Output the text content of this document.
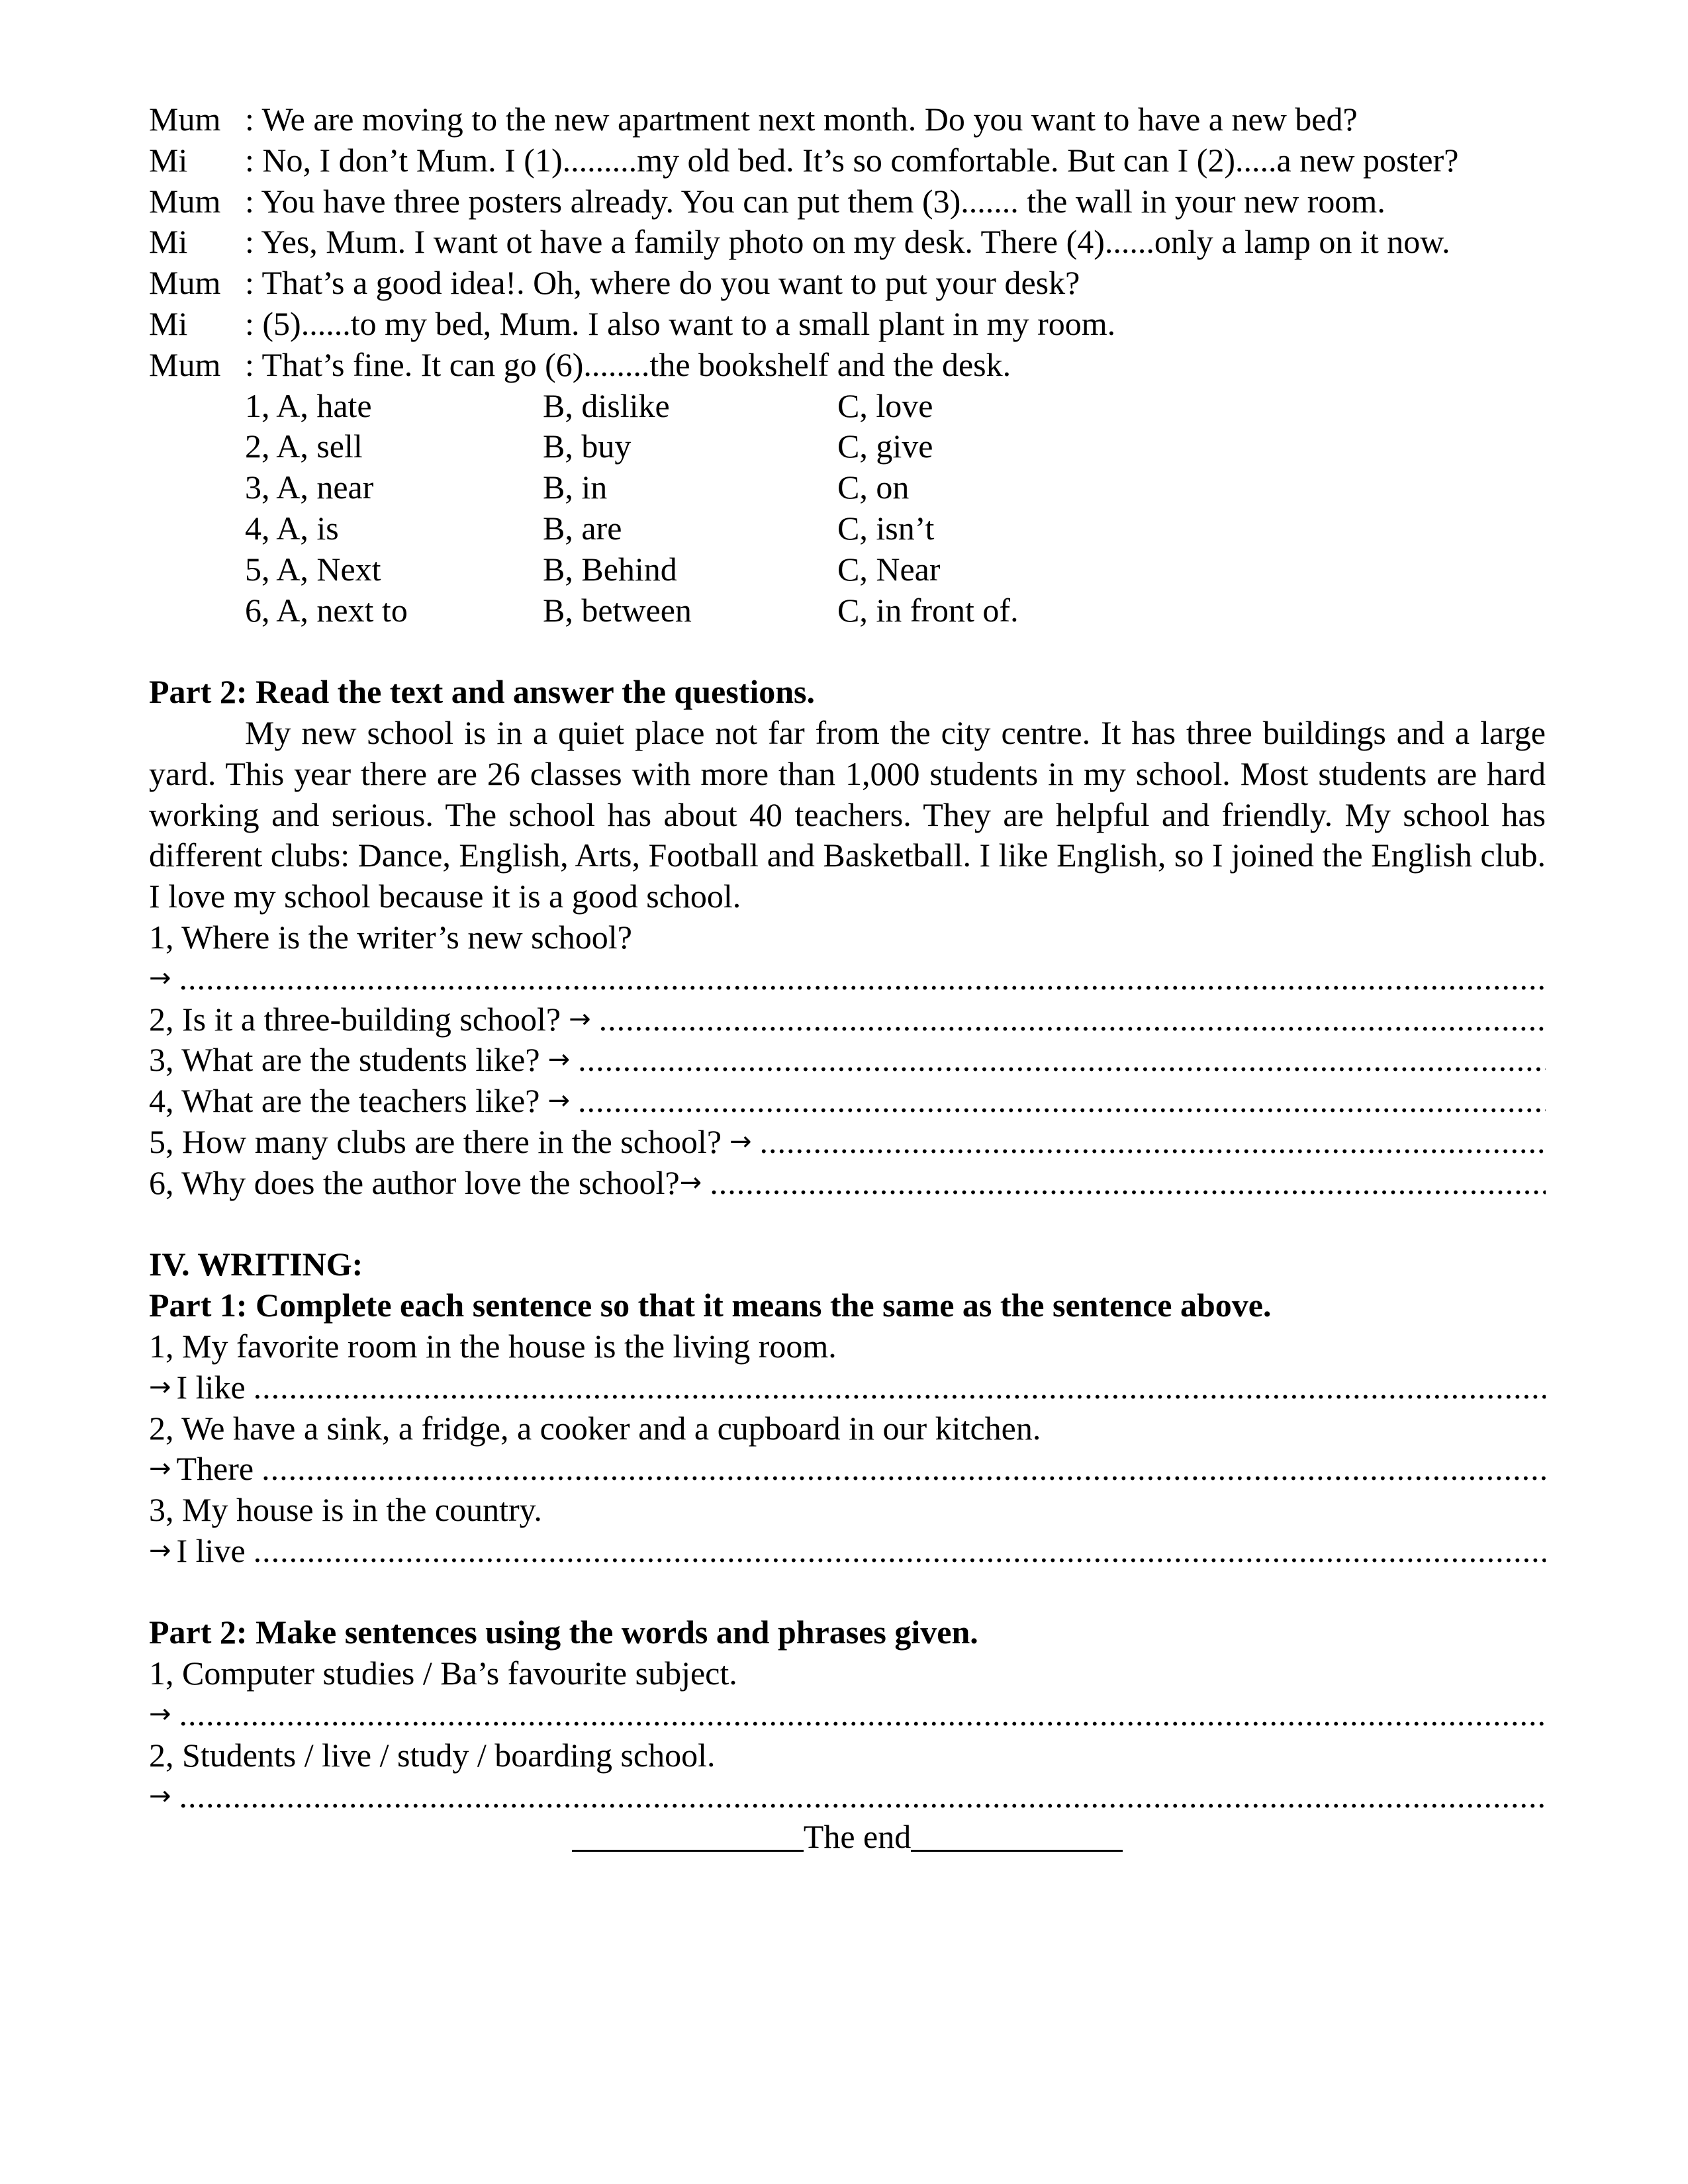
Mum : We are moving to the new apartment next month. Do you want to have a new bed?
Mi : No, I don’t Mum. I (1).........my old bed. It’s so comfortable. But can I (2).....a new poster?
Mum : You have three posters already. You can put them (3)....... the wall in your new room.
Mi : Yes, Mum. I want ot have a family photo on my desk. There (4)......only a lamp on it now.
Mum : That’s a good idea!. Oh, where do you want to put your desk?
Mi : (5)......to my bed, Mum. I also want to a small plant in my room.
Mum : That’s fine. It can go (6)........the bookshelf and the desk.
1, A, hate	B, dislike	C, love
2, A, sell	B, buy	C, give
3, A, near	B, in	C, on
4, A, is	B, are	C, isn’t
5, A, Next	B, Behind	C, Near
6, A, next to	B, between	C, in front of.
Part 2: Read the text and answer the questions.
My new school is in a quiet place not far from the city centre. It has three buildings and a large yard. This year there are 26 classes with more than 1,000 students in my school. Most students are hard working and serious. The school has about 40 teachers. They are helpful and friendly. My school has different clubs: Dance, English, Arts, Football and Basketball. I like English, so I joined the English club. I love my school because it is a good school.
1, Where is the writer’s new school?
→
.....
2, Is it a three-building school? →
.....
3, What are the students like? →
.....
4, What are the teachers like? →
.....
5, How many clubs are there in the school? →
.....
6, Why does the author love the school? →
.....
IV. WRITING:
Part 1: Complete each sentence so that it means the same as the sentence above.
1, My favorite room in the house is the living room.
→ I like
.....
2, We have a sink, a fridge, a cooker and a cupboard in our kitchen.
→ There
.....
3, My house is in the country.
→ I live
.....
Part 2: Make sentences using the words and phrases given.
1, Computer studies / Ba’s favourite subject.
→
.....
2, Students / live / study / boarding school.
→
.....
The end
